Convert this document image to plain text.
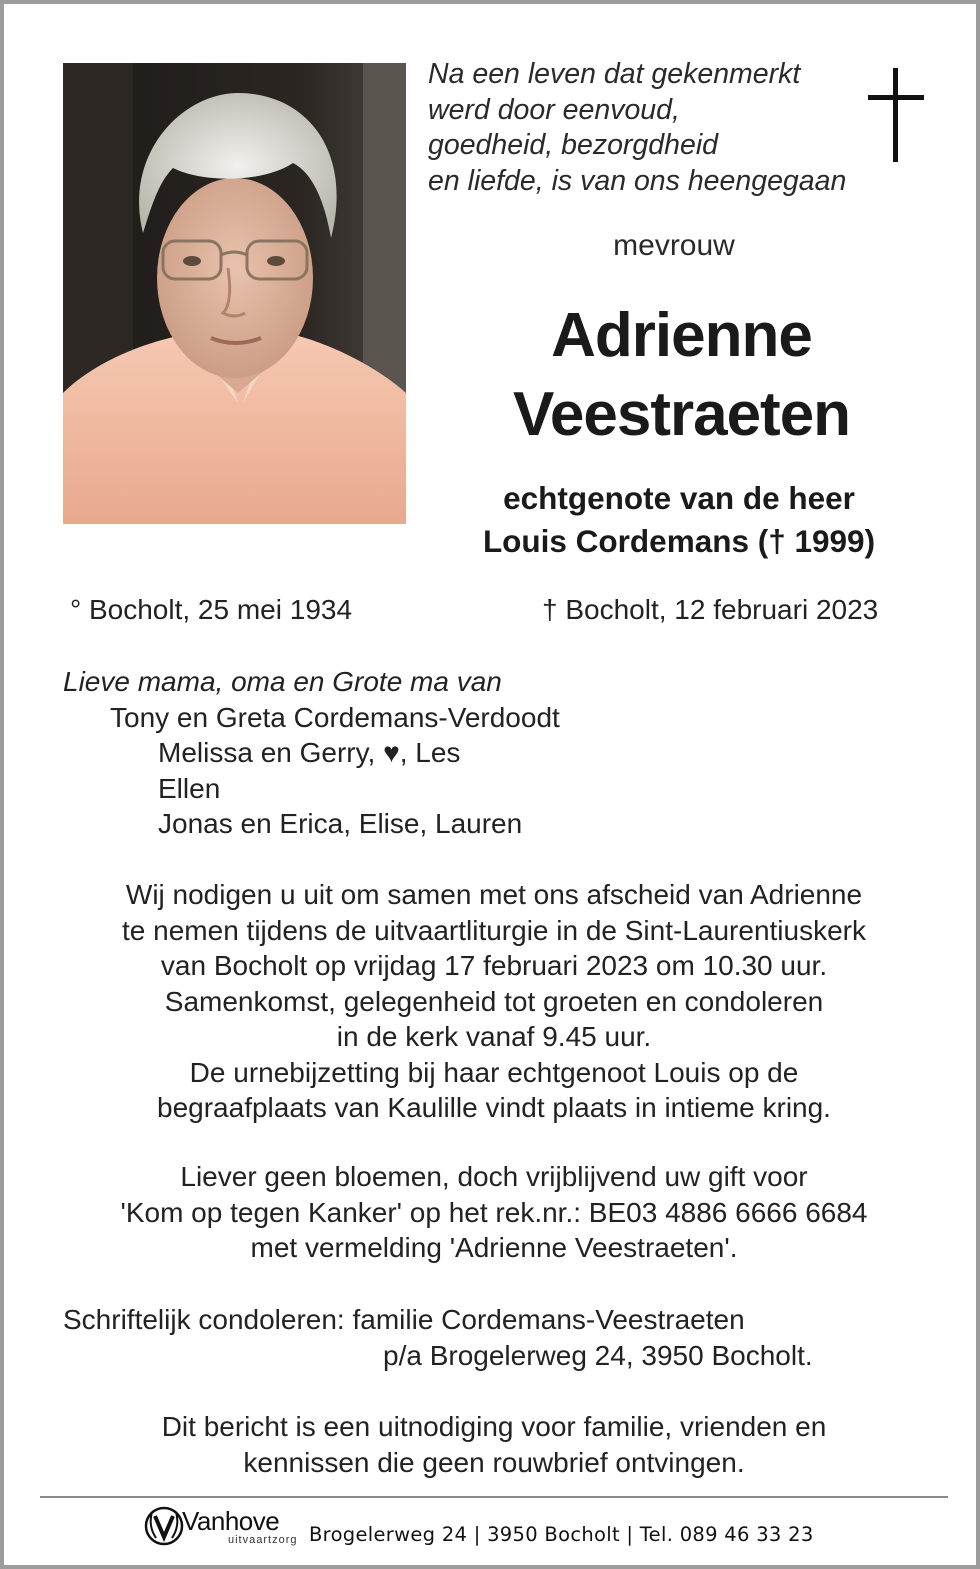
Na een leven dat gekenmerkt
werd door eenvoud,
goedheid, bezorgdheid
en liefde, is van ons heengegaan
mevrouw
Adrienne
Veestraeten
echtgenote van de heer
Louis Cordemans († 1999)
° Bocholt, 25 mei 1934	† Bocholt, 12 februari 2023
Lieve mama, oma en Grote ma van
Tony en Greta Cordemans-Verdoodt
Melissa en Gerry, ♥, Les
Ellen
Jonas en Erica, Elise, Lauren
Wij nodigen u uit om samen met ons afscheid van Adrienne
te nemen tijdens de uitvaartliturgie in de Sint-Laurentiuskerk
van Bocholt op vrijdag 17 februari 2023 om 10.30 uur.
Samenkomst, gelegenheid tot groeten en condoleren
in de kerk vanaf 9.45 uur.
De urnebijzetting bij haar echtgenoot Louis op de
begraafplaats van Kaulille vindt plaats in intieme kring.
Liever geen bloemen, doch vrijblijvend uw gift voor
'Kom op tegen Kanker' op het rek.nr.: BE03 4886 6666 6684
met vermelding 'Adrienne Veestraeten'.
Schriftelijk condoleren: familie Cordemans-Veestraeten
p/a Brogelerweg 24, 3950 Bocholt.
Dit bericht is een uitnodiging voor familie, vrienden en
kennissen die geen rouwbrief ontvingen.
Vanhove
uitvaartzorg Brogelerweg 24 | 3950 Bocholt | Tel. 089 46 33 23
